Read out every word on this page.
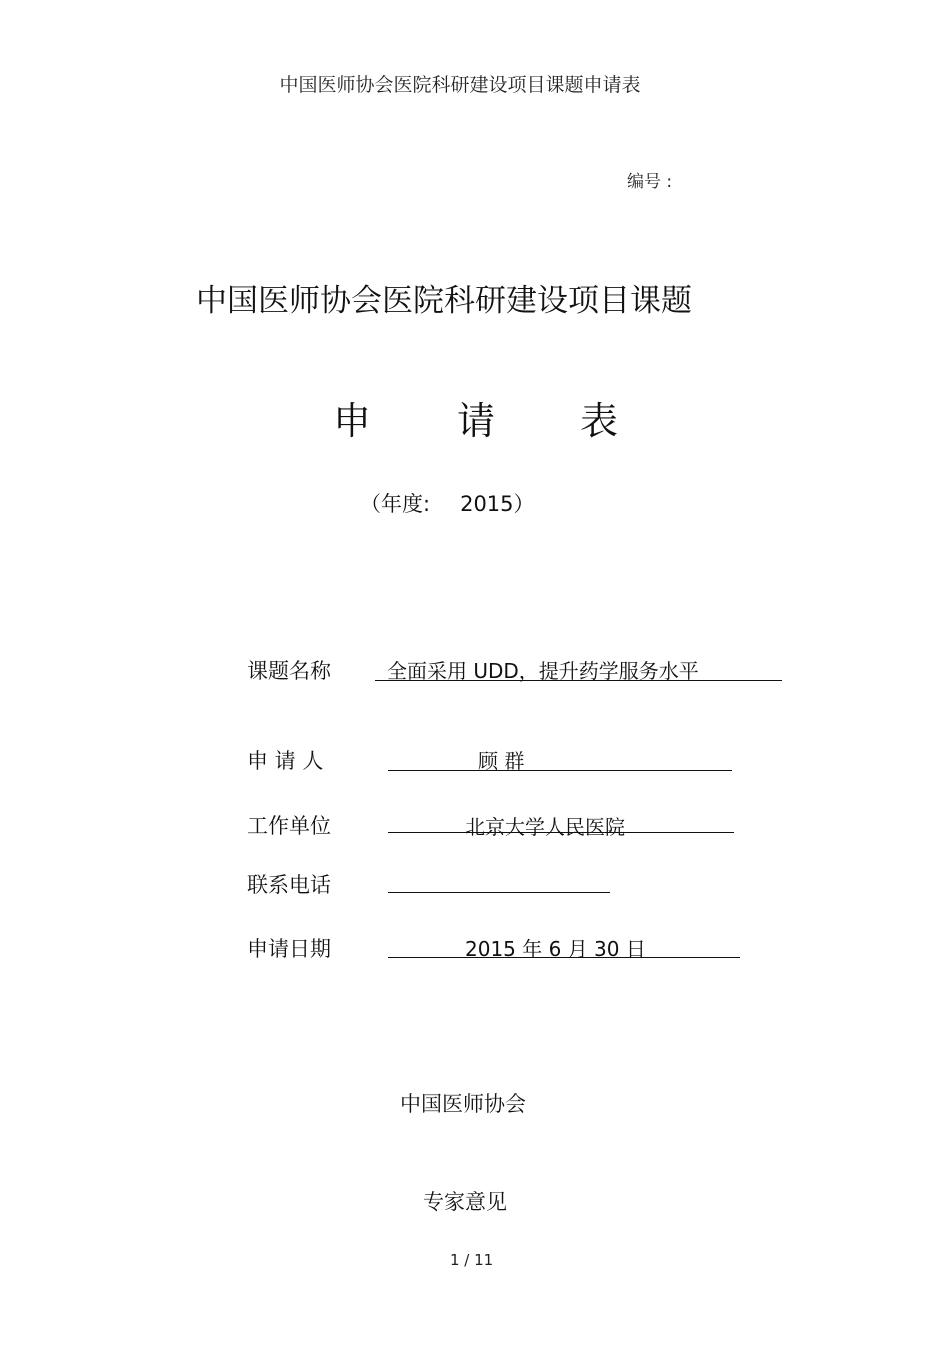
中国医师协会医院科研建设项目课题申请表
编号 :
中国医师协会医院科研建设项目课题
申 请 表
（年度: 2015）
课题名称	全面采用 UDD，提升药学服务水平
申 请 人	顾 群
工作单位	北京大学人民医院
联系电话
申请日期	2015 年 6 月 30 日
中国医师协会
专家意见
1 / 11
